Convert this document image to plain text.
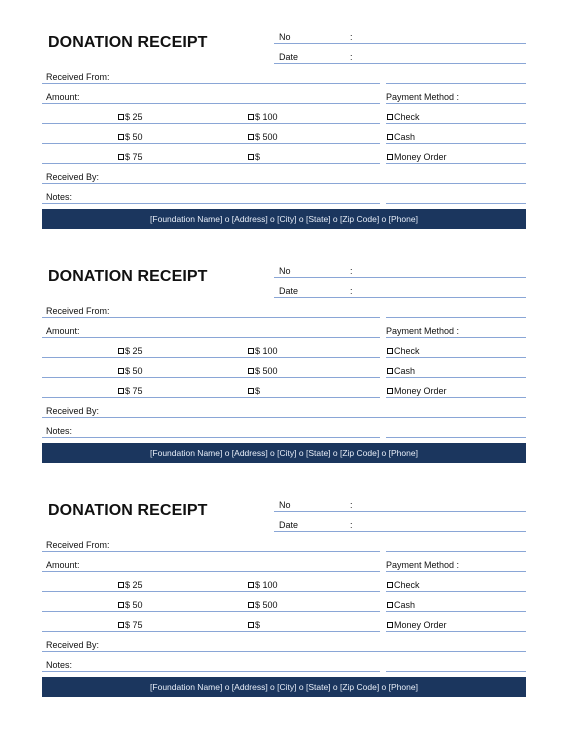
DONATION RECEIPT	No	:
Date	:
Received From:
Amount:	Payment Method :
$ 25	$ 100	Check
$ 50	$ 500	Cash
$ 75	$	Money Order
Received By:
Notes:
[Foundation Name] o [Address] o [City] o [State] o [Zip Code] o [Phone]
DONATION RECEIPT	No	:
Date	:
Received From:
Amount:	Payment Method :
$ 25	$ 100	Check
$ 50	$ 500	Cash
$ 75	$	Money Order
Received By:
Notes:
[Foundation Name] o [Address] o [City] o [State] o [Zip Code] o [Phone]
DONATION RECEIPT	No	:
Date	:
Received From:
Amount:	Payment Method :
$ 25	$ 100	Check
$ 50	$ 500	Cash
$ 75	$	Money Order
Received By:
Notes:
[Foundation Name] o [Address] o [City] o [State] o [Zip Code] o [Phone]
